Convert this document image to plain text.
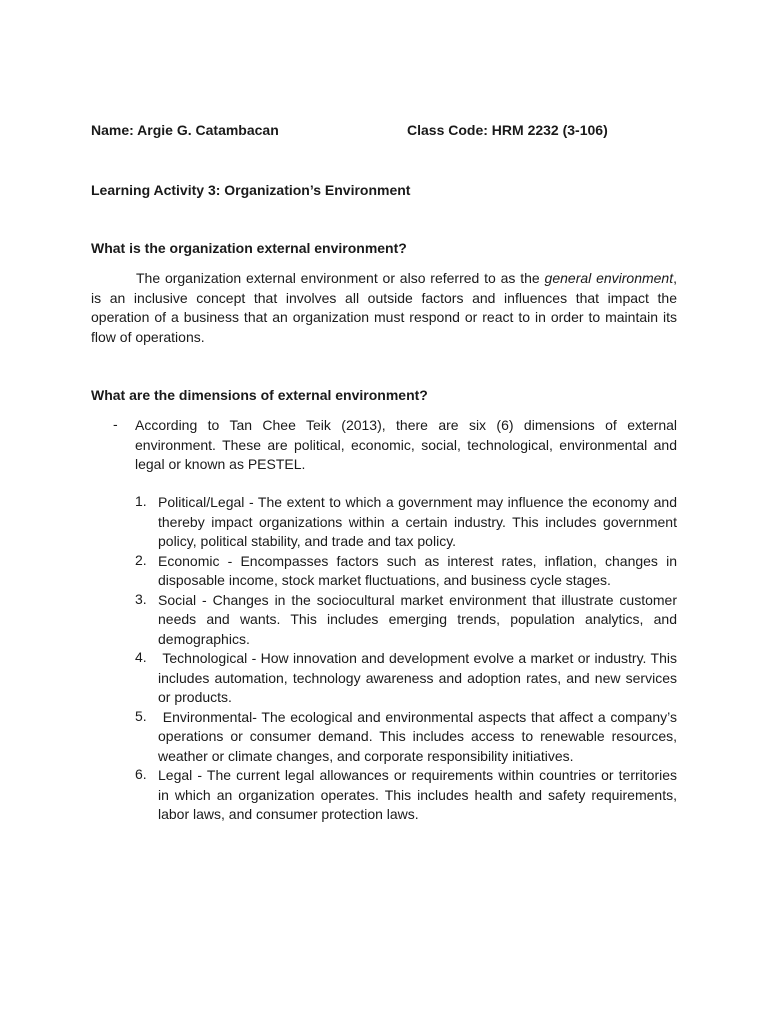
Name: Argie G. Catambacan	Class Code: HRM 2232 (3-106)
Learning Activity 3: Organization’s Environment
What is the organization external environment?
The organization external environment or also referred to as the general environment, is an inclusive concept that involves all outside factors and influences that impact the operation of a business that an organization must respond or react to in order to maintain its flow of operations.
What are the dimensions of external environment?
- According to Tan Chee Teik (2013), there are six (6) dimensions of external environment. These are political, economic, social, technological, environmental and legal or known as PESTEL.
1. Political/Legal - The extent to which a government may influence the economy and thereby impact organizations within a certain industry. This includes government policy, political stability, and trade and tax policy.
2. Economic - Encompasses factors such as interest rates, inflation, changes in disposable income, stock market fluctuations, and business cycle stages.
3. Social - Changes in the sociocultural market environment that illustrate customer needs and wants. This includes emerging trends, population analytics, and demographics.
4. Technological - How innovation and development evolve a market or industry. This includes automation, technology awareness and adoption rates, and new services or products.
5. Environmental- The ecological and environmental aspects that affect a company’s operations or consumer demand. This includes access to renewable resources, weather or climate changes, and corporate responsibility initiatives.
6. Legal - The current legal allowances or requirements within countries or territories in which an organization operates. This includes health and safety requirements, labor laws, and consumer protection laws.
